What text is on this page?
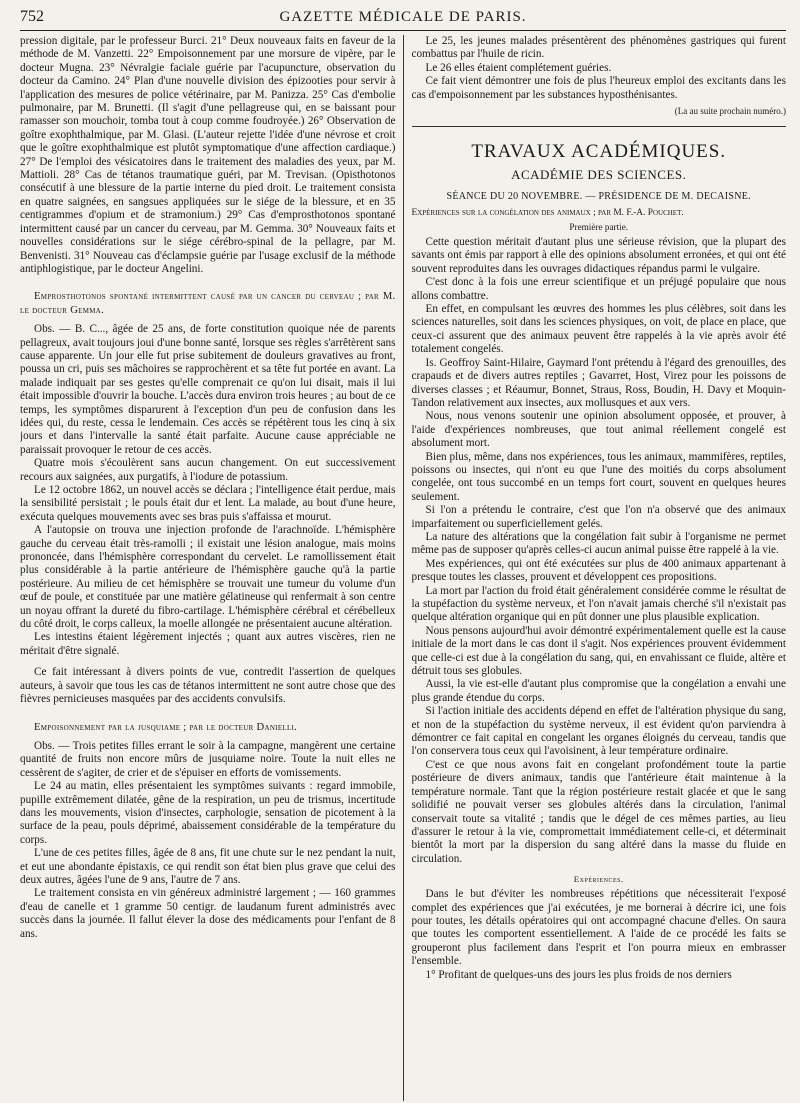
752	GAZETTE MÉDICALE DE PARIS.

pression digitale, par le professeur Burci. 21° Deux nouveaux faits en faveur de la méthode de M. Vanzetti. 22° Empoisonnement par une morsure de vipère, par le docteur Mugna. 23° Névralgie faciale guérie par l'acupuncture, observation du docteur da Camino. 24° Plan d'une nouvelle division des épizooties pour servir à l'application des mesures de police vétérinaire, par M. Panizza. 25° Cas d'embolie pulmonaire, par M. Brunetti. (Il s'agit d'une pellagreuse qui, en se baissant pour ramasser son mouchoir, tomba tout à coup comme foudroyée.) 26° Observation de goître exophthalmique, par M. Glasi. (L'auteur rejette l'idée d'une névrose et croit que le goître exophthalmique est plutôt symptomatique d'une affection cardiaque.) 27° De l'emploi des vésicatoires dans le traitement des maladies des yeux, par M. Mattioli. 28° Cas de tétanos traumatique guéri, par M. Trevisan. (Opisthotonos consécutif à une blessure de la partie interne du pied droit. Le traitement consista en quatre saignées, en sangsues appliquées sur le siége de la blessure, et en 35 centigrammes d'opium et de stramonium.) 29° Cas d'emprosthotonos spontané intermittent causé par un cancer du cerveau, par M. Gemma. 30° Nouveaux faits et nouvelles considérations sur le siége cérébro-spinal de la pellagre, par M. Benvenisti. 31° Nouveau cas d'éclampsie guérie par l'usage exclusif de la méthode antiphlogistique, par le docteur Angelini.

Emprosthotonos spontané intermittent causé par un cancer du cerveau ; par M. le docteur Gemma.

Obs. — B. C..., âgée de 25 ans, de forte constitution quoique née de parents pellagreux, avait toujours joui d'une bonne santé, lorsque ses règles s'arrêtèrent sans cause apparente. Un jour elle fut prise subitement de douleurs gravatives au front, poussa un cri, puis ses mâchoires se rapprochèrent et sa tête fut portée en avant. La malade indiquait par ses gestes qu'elle comprenait ce qu'on lui disait, mais il lui était impossible d'ouvrir la bouche. L'accès dura environ trois heures ; au bout de ce temps, les symptômes disparurent à l'exception d'un peu de confusion dans les idées qui, du reste, cessa le lendemain. Ces accès se répétèrent tous les cinq à six jours et dans l'intervalle la santé était parfaite. Aucune cause appréciable ne paraissait provoquer le retour de ces accès.

Quatre mois s'écoulèrent sans aucun changement. On eut successivement recours aux saignées, aux purgatifs, à l'iodure de potassium.

Le 12 octobre 1862, un nouvel accès se déclara ; l'intelligence était perdue, mais la sensibilité persistait ; le pouls était dur et lent. La malade, au bout d'une heure, exécuta quelques mouvements avec ses bras puis s'affaissa et mourut.

A l'autopsie on trouva une injection profonde de l'arachnoïde. L'hémisphère gauche du cerveau était très-ramolli ; il existait une lésion analogue, mais moins prononcée, dans l'hémisphère correspondant du cervelet. Le ramollissement était plus considérable à la partie antérieure de l'hémisphère gauche qu'à la partie postérieure. Au milieu de cet hémisphère se trouvait une tumeur du volume d'un œuf de poule, et constituée par une matière gélatineuse qui renfermait à son centre un noyau offrant la dureté du fibro-cartilage. L'hémisphère cérébral et cérébelleux du côté droit, le corps calleux, la moelle allongée ne présentaient aucune altération.

Les intestins étaient légèrement injectés ; quant aux autres viscères, rien ne méritait d'être signalé.

Ce fait intéressant à divers points de vue, contredit l'assertion de quelques auteurs, à savoir que tous les cas de tétanos intermittent ne sont autre chose que des fièvres pernicieuses masquées par des accidents convulsifs.

Empoisonnement par la jusquiame ; par le docteur Danielli.

Obs. — Trois petites filles errant le soir à la campagne, mangèrent une certaine quantité de fruits non encore mûrs de jusquiame noire. Toute la nuit elles ne cessèrent de s'agiter, de crier et de s'épuiser en efforts de vomissements.

Le 24 au matin, elles présentaient les symptômes suivants : regard immobile, pupille extrêmement dilatée, gêne de la respiration, un peu de trismus, incertitude dans les mouvements, vision d'insectes, carphologie, sensation de picotement à la surface de la peau, pouls déprimé, abaissement considérable de la température du corps.

L'une de ces petites filles, âgée de 8 ans, fit une chute sur le nez pendant la nuit, et eut une abondante épistaxis, ce qui rendit son état bien plus grave que celui des deux autres, âgées l'une de 9 ans, l'autre de 7 ans.

Le traitement consista en vin généreux administré largement ; — 160 grammes d'eau de canelle et 1 gramme 50 centigr. de laudanum furent administrés avec succès dans la journée. Il fallut élever la dose des médicaments pour l'enfant de 8 ans.

Le 25, les jeunes malades présentèrent des phénomènes gastriques qui furent combattus par l'huile de ricin.

Le 26 elles étaient complétement guéries.

Ce fait vient démontrer une fois de plus l'heureux emploi des excitants dans les cas d'empoisonnement par les substances hyposthénisantes.

(La au suite prochain numéro.)
TRAVAUX ACADÉMIQUES.
ACADÉMIE DES SCIENCES.
SÉANCE DU 20 NOVEMBRE. — PRÉSIDENCE DE M. DECAISNE.
Expériences sur la congélation des animaux ; par M. F.-A. Pouchet.
Première partie.

Cette question méritait d'autant plus une sérieuse révision, que la plupart des savants ont émis par rapport à elle des opinions absolument erronées, et qui ont été souvent reproduites dans les ouvrages didactiques répandus parmi le vulgaire.

C'est donc à la fois une erreur scientifique et un préjugé populaire que nous allons combattre.

En effet, en compulsant les œuvres des hommes les plus célèbres, soit dans les sciences naturelles, soit dans les sciences physiques, on voit, de place en place, que ceux-ci assurent que des animaux peuvent être rappelés à la vie après avoir été totalement congelés.

Is. Geoffroy Saint-Hilaire, Gaymard l'ont prétendu à l'égard des grenouilles, des crapauds et de divers autres reptiles ; Gavarret, Host, Virez pour les poissons de diverses classes ; et Réaumur, Bonnet, Straus, Ross, Boudin, H. Davy et Moquin-Tandon relativement aux insectes, aux mollusques et aux vers.

Nous, nous venons soutenir une opinion absolument opposée, et prouver, à l'aide d'expériences nombreuses, que tout animal réellement congelé est absolument mort.

Bien plus, même, dans nos expériences, tous les animaux, mammifères, reptiles, poissons ou insectes, qui n'ont eu que l'une des moitiés du corps absolument congelée, ont tous succombé en un temps fort court, souvent en quelques heures seulement.

Si l'on a prétendu le contraire, c'est que l'on n'a observé que des animaux imparfaitement ou superficiellement gelés.

La nature des altérations que la congélation fait subir à l'organisme ne permet même pas de supposer qu'après celles-ci aucun animal puisse être rappelé à la vie.

Mes expériences, qui ont été exécutées sur plus de 400 animaux appartenant à presque toutes les classes, prouvent et développent ces propositions.

La mort par l'action du froid était généralement considérée comme le résultat de la stupéfaction du système nerveux, et l'on n'avait jamais cherché s'il n'existait pas quelque altération organique qui en pût donner une plus plausible explication.

Nous pensons aujourd'hui avoir démontré expérimentalement quelle est la cause initiale de la mort dans le cas dont il s'agit. Nos expériences prouvent évidemment que celle-ci est due à la congélation du sang, qui, en envahissant ce fluide, altère et détruit tous ses globules.

Aussi, la vie est-elle d'autant plus compromise que la congélation a envahi une plus grande étendue du corps.

Si l'action initiale des accidents dépend en effet de l'altération physique du sang, et non de la stupéfaction du système nerveux, il est évident qu'on parviendra à démontrer ce fait capital en congelant les organes éloignés du cerveau, tandis que l'on conservera tous ceux qui l'avoisinent, à leur température ordinaire.

C'est ce que nous avons fait en congelant profondément toute la partie postérieure de divers animaux, tandis que l'antérieure était maintenue à la température normale. Tant que la région postérieure restait glacée et que le sang solidifié ne pouvait verser ses globules altérés dans la circulation, l'animal conservait toute sa vitalité ; tandis que le dégel de ces mêmes parties, au lieu d'assurer le retour à la vie, compromettait immédiatement celle-ci, et déterminait bientôt la mort par la dispersion du sang altéré dans la masse du fluide en circulation.

Expériences.

Dans le but d'éviter les nombreuses répétitions que nécessiterait l'exposé complet des expériences que j'ai exécutées, je me bornerai à décrire ici, une fois pour toutes, les détails opératoires qui ont accompagné chacune d'elles. On saura que toutes les comportent essentiellement. A l'aide de ce procédé les faits se grouperont plus facilement dans l'esprit et l'on pourra mieux en embrasser l'ensemble.

1° Profitant de quelques-uns des jours les plus froids de nos derniers
